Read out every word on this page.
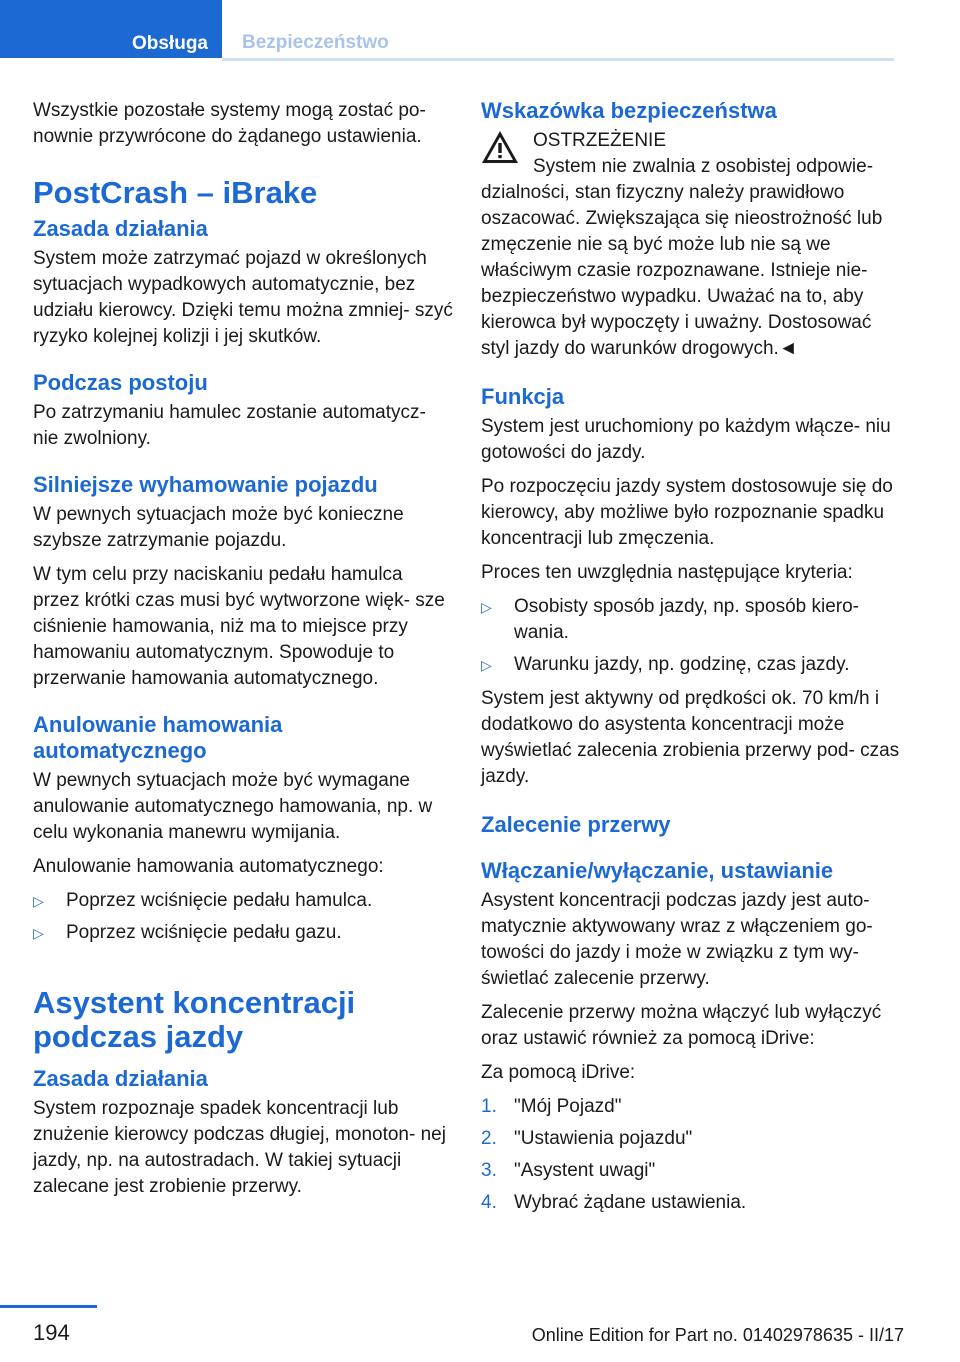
Obsługa	Bezpieczeństwo

Wszystkie pozostałe systemy mogą zostać po‐ nownie przywrócone do żądanego ustawienia.

PostCrash – iBrake
Zasada działania

System może zatrzymać pojazd w określonych sytuacjach wypadkowych automatycznie, bez udziału kierowcy. Dzięki temu można zmniej‐ szyć ryzyko kolejnej kolizji i jej skutków.

Podczas postoju

Po zatrzymaniu hamulec zostanie automatycz‐ nie zwolniony.

Silniejsze wyhamowanie pojazdu

W pewnych sytuacjach może być konieczne szybsze zatrzymanie pojazdu.

W tym celu przy naciskaniu pedału hamulca przez krótki czas musi być wytworzone więk‐ sze ciśnienie hamowania, niż ma to miejsce przy hamowaniu automatycznym. Spowoduje to przerwanie hamowania automatycznego.

Anulowanie hamowania automatycznego

W pewnych sytuacjach może być wymagane anulowanie automatycznego hamowania, np. w celu wykonania manewru wymijania.

Anulowanie hamowania automatycznego:

▷ Poprzez wciśnięcie pedału hamulca.
▷ Poprzez wciśnięcie pedału gazu.
Asystent koncentracji podczas jazdy
Zasada działania

System rozpoznaje spadek koncentracji lub znużenie kierowcy podczas długiej, monoton‐ nej jazdy, np. na autostradach. W takiej sytuacji zalecane jest zrobienie przerwy.

Wskazówka bezpieczeństwa
OSTRZEŻENIE

System nie zwalnia z osobistej odpowie‐ dzialności, stan fizyczny należy prawidłowo oszacować. Zwiększająca się nieostrożność lub zmęczenie nie są być może lub nie są we właściwym czasie rozpoznawane. Istnieje nie‐ bezpieczeństwo wypadku. Uważać na to, aby kierowca był wypoczęty i uważny. Dostosować styl jazdy do warunków drogowych.◄

Funkcja

System jest uruchomiony po każdym włącze‐ niu gotowości do jazdy.

Po rozpoczęciu jazdy system dostosowuje się do kierowcy, aby możliwe było rozpoznanie spadku koncentracji lub zmęczenia.

Proces ten uwzględnia następujące kryteria:

▷ Osobisty sposób jazdy, np. sposób kiero‐ wania.
▷ Warunku jazdy, np. godzinę, czas jazdy.

System jest aktywny od prędkości ok. 70 km/h i dodatkowo do asystenta koncentracji może wyświetlać zalecenia zrobienia przerwy pod‐ czas jazdy.

Zalecenie przerwy
Włączanie/wyłączanie, ustawianie

Asystent koncentracji podczas jazdy jest auto‐ matycznie aktywowany wraz z włączeniem go‐ towości do jazdy i może w związku z tym wy‐ świetlać zalecenie przerwy.

Zalecenie przerwy można włączyć lub wyłączyć oraz ustawić również za pomocą iDrive:

Za pomocą iDrive:

1. "Mój Pojazd"
2. "Ustawienia pojazdu"
3. "Asystent uwagi"
4. Wybrać żądane ustawienia.
194	Online Edition for Part no. 01402978635 - II/17
